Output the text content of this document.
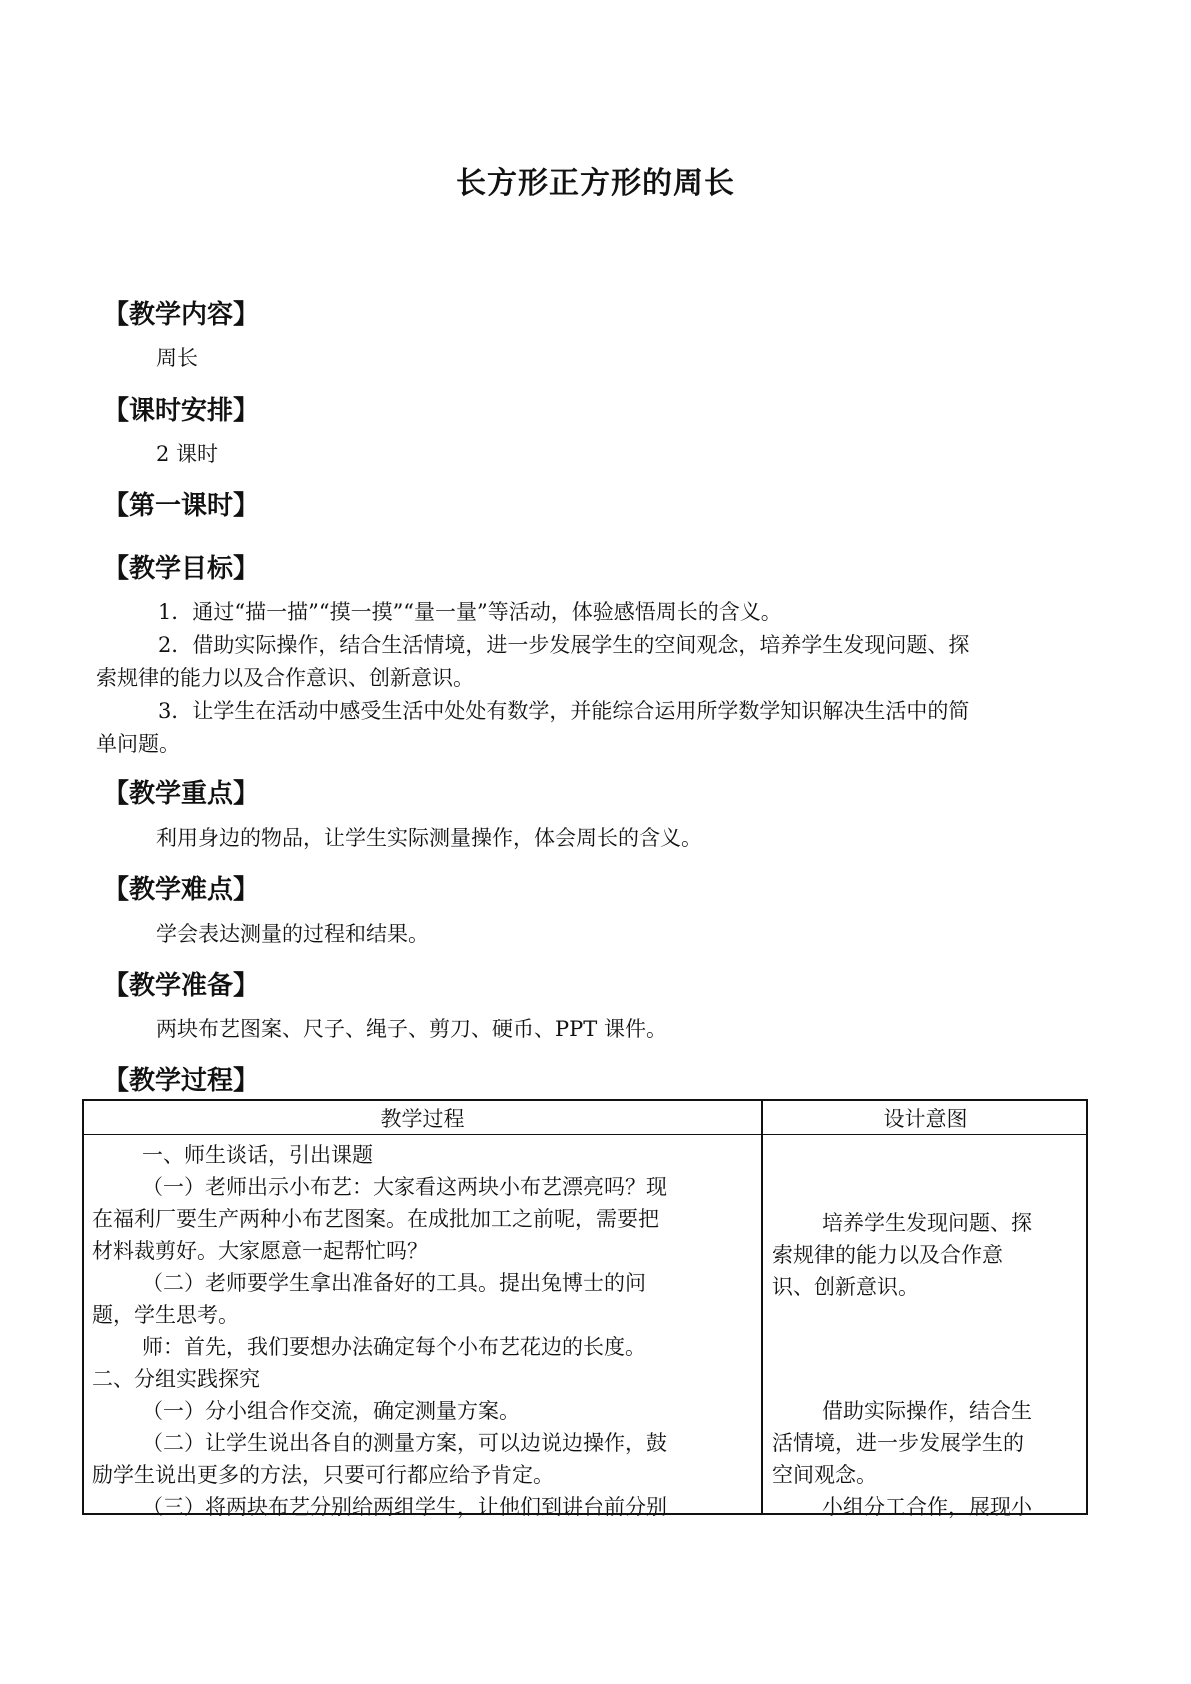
长方形正方形的周长
【教学内容】
周长
【课时安排】
2 课时
【第一课时】
【教学目标】
1．通过“描一描”“摸一摸”“量一量”等活动，体验感悟周长的含义。
2．借助实际操作，结合生活情境，进一步发展学生的空间观念，培养学生发现问题、探
索规律的能力以及合作意识、创新意识。
3．让学生在活动中感受生活中处处有数学，并能综合运用所学数学知识解决生活中的简
单问题。
【教学重点】
利用身边的物品，让学生实际测量操作，体会周长的含义。
【教学难点】
学会表达测量的过程和结果。
【教学准备】
两块布艺图案、尺子、绳子、剪刀、硬币、PPT 课件。
【教学过程】
教学过程	设计意图
一、师生谈话，引出课题
（一）老师出示小布艺：大家看这两块小布艺漂亮吗？现
在福利厂要生产两种小布艺图案。在成批加工之前呢，需要把
材料裁剪好。大家愿意一起帮忙吗？
（二）老师要学生拿出准备好的工具。提出兔博士的问
题，学生思考。
师：首先，我们要想办法确定每个小布艺花边的长度。
二、分组实践探究
（一）分小组合作交流，确定测量方案。
（二）让学生说出各自的测量方案，可以边说边操作，鼓
励学生说出更多的方法，只要可行都应给予肯定。
（三）将两块布艺分别给两组学生，让他们到讲台前分别
培养学生发现问题、探
索规律的能力以及合作意
识、创新意识。
借助实际操作，结合生
活情境，进一步发展学生的
空间观念。
小组分工合作，展现小
